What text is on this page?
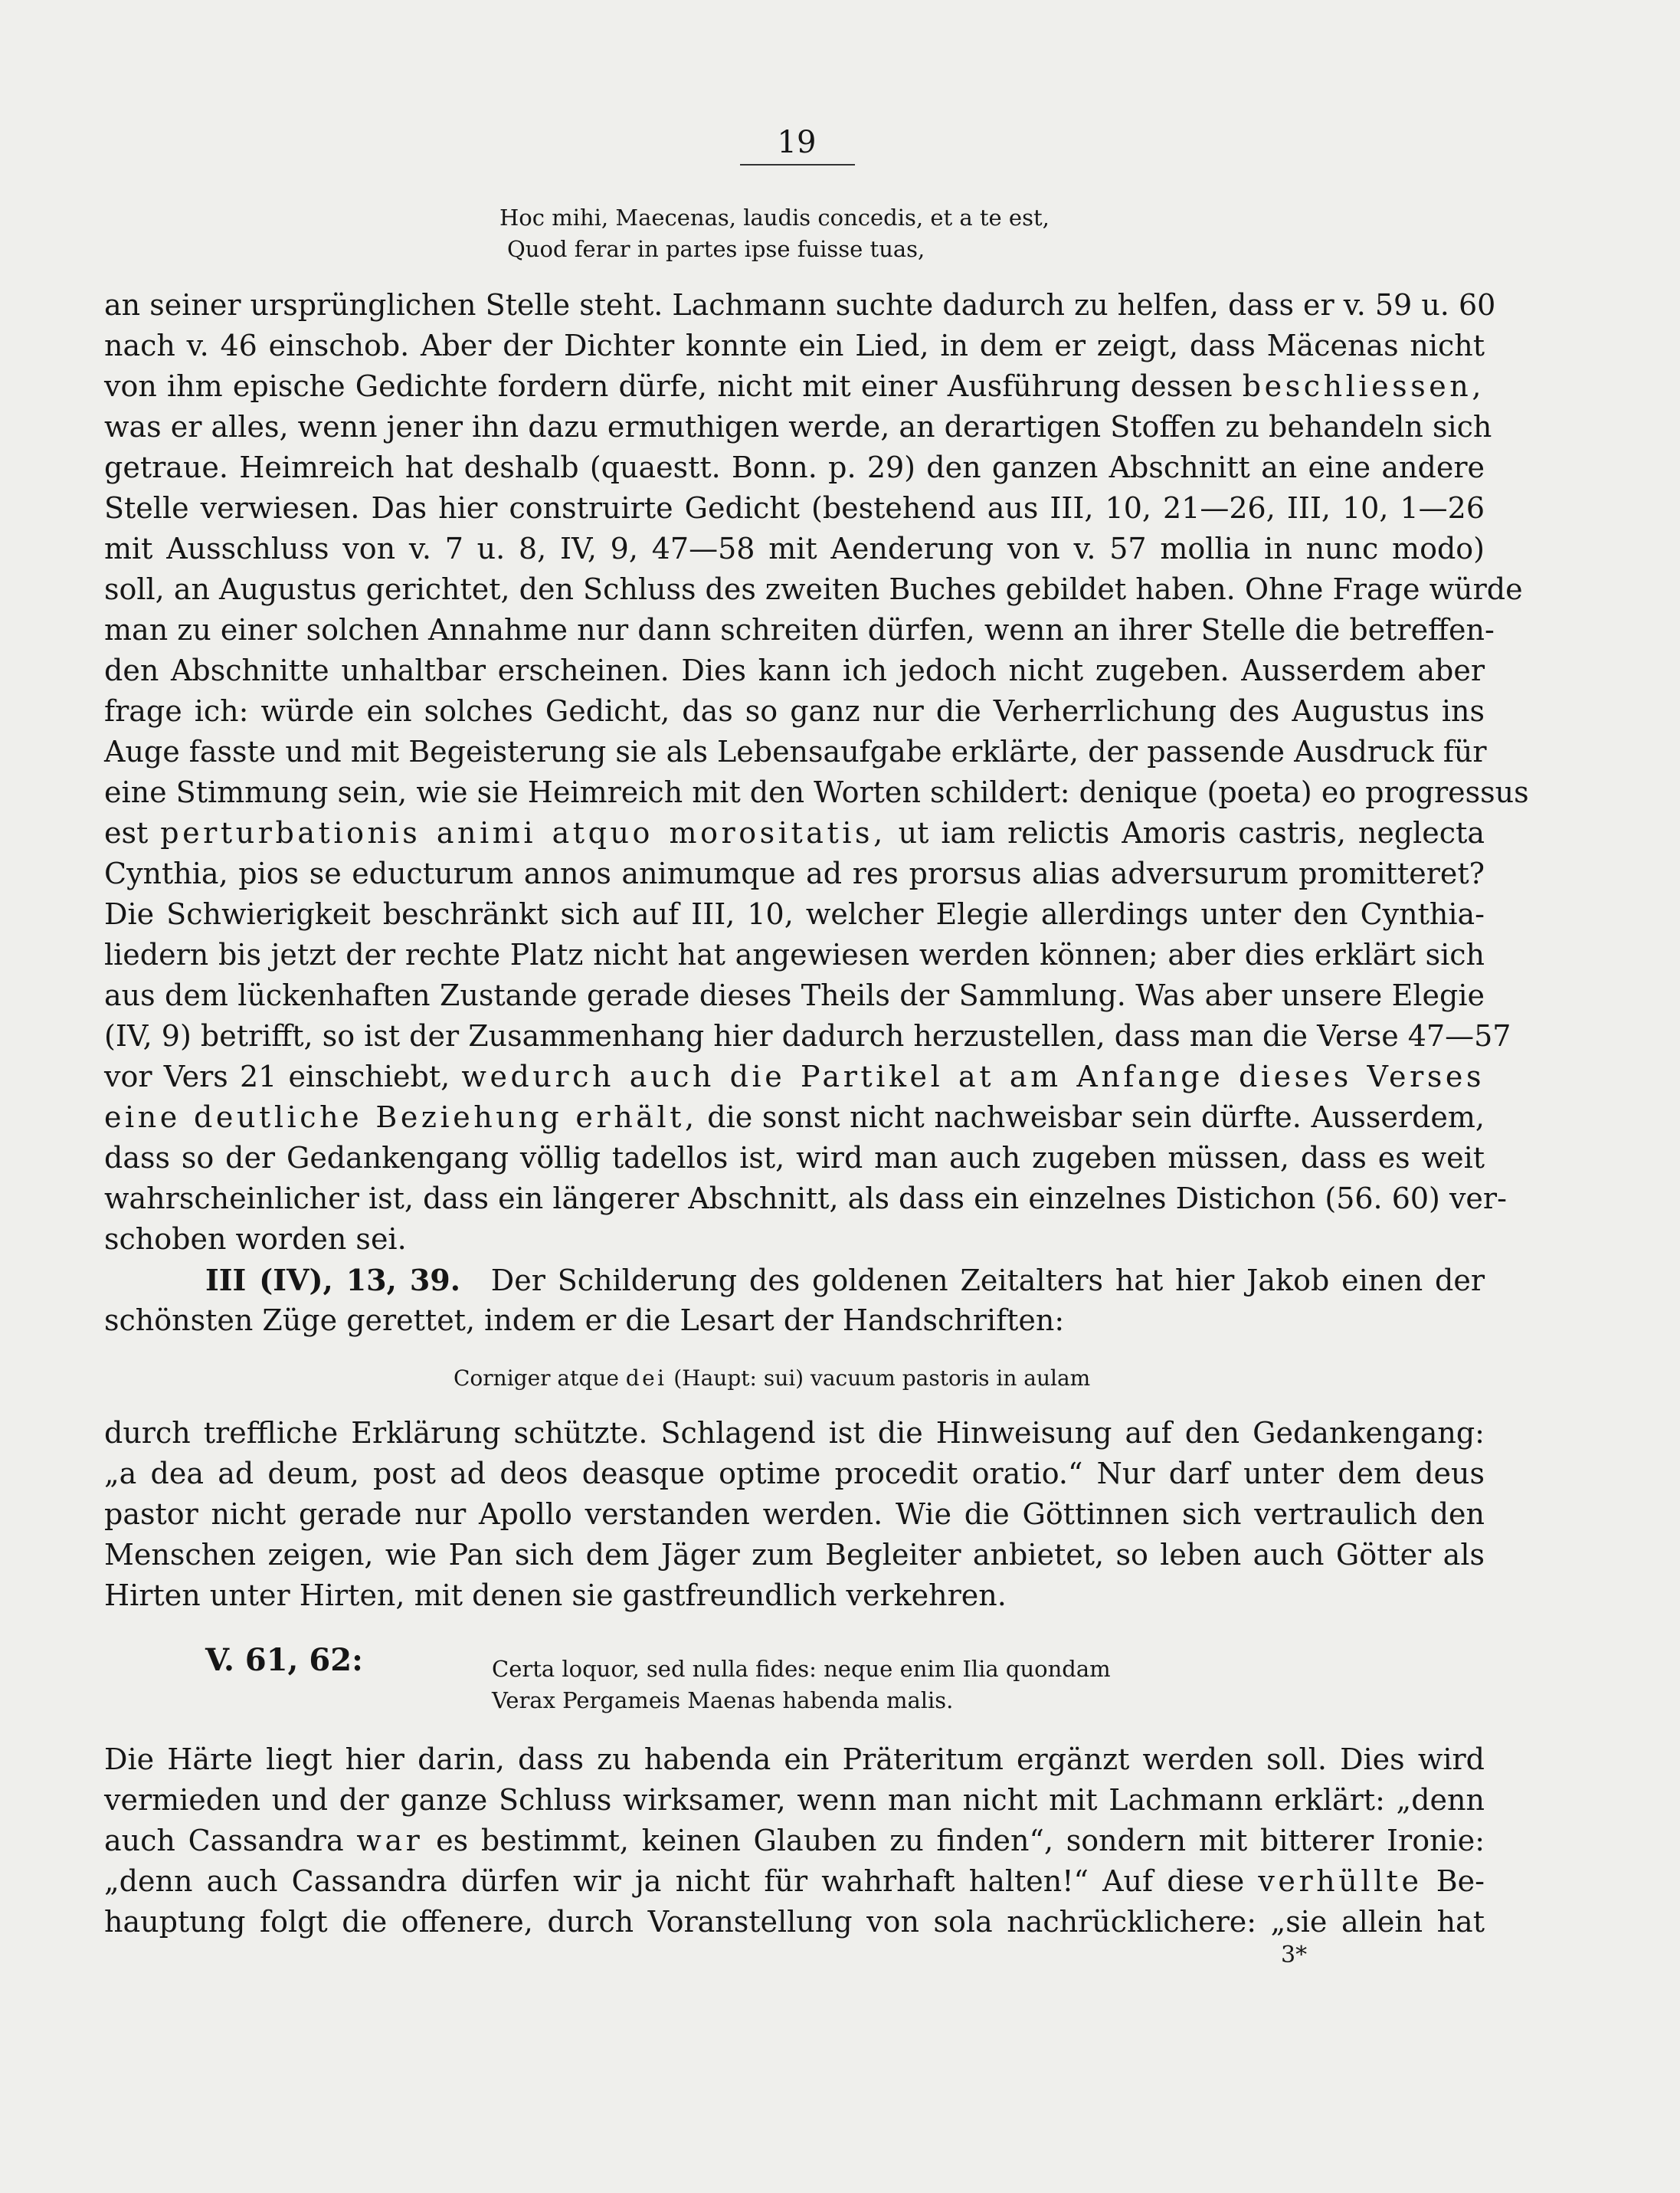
19
Hoc mihi, Maecenas, laudis concedis, et a te est,
Quod ferar in partes ipse fuisse tuas,
an seiner ursprünglichen Stelle steht. Lachmann suchte dadurch zu helfen, dass er v. 59 u. 60
nach v. 46 einschob. Aber der Dichter konnte ein Lied, in dem er zeigt, dass Mäcenas nicht
von ihm epische Gedichte fordern dürfe, nicht mit einer Ausführung dessen beschliessen,
was er alles, wenn jener ihn dazu ermuthigen werde, an derartigen Stoffen zu behandeln sich
getraue. Heimreich hat deshalb (quaestt. Bonn. p. 29) den ganzen Abschnitt an eine andere
Stelle verwiesen. Das hier construirte Gedicht (bestehend aus III, 10, 21—26, III, 10, 1—26
mit Ausschluss von v. 7 u. 8, IV, 9, 47—58 mit Aenderung von v. 57 mollia in nunc modo)
soll, an Augustus gerichtet, den Schluss des zweiten Buches gebildet haben. Ohne Frage würde
man zu einer solchen Annahme nur dann schreiten dürfen, wenn an ihrer Stelle die betreffen-
den Abschnitte unhaltbar erscheinen. Dies kann ich jedoch nicht zugeben. Ausserdem aber
frage ich: würde ein solches Gedicht, das so ganz nur die Verherrlichung des Augustus ins
Auge fasste und mit Begeisterung sie als Lebensaufgabe erklärte, der passende Ausdruck für
eine Stimmung sein, wie sie Heimreich mit den Worten schildert: denique (poeta) eo progressus
est perturbationis animi atquo morositatis, ut iam relictis Amoris castris, neglecta
Cynthia, pios se educturum annos animumque ad res prorsus alias adversurum promitteret?
Die Schwierigkeit beschränkt sich auf III, 10, welcher Elegie allerdings unter den Cynthia-
liedern bis jetzt der rechte Platz nicht hat angewiesen werden können; aber dies erklärt sich
aus dem lückenhaften Zustande gerade dieses Theils der Sammlung. Was aber unsere Elegie
(IV, 9) betrifft, so ist der Zusammenhang hier dadurch herzustellen, dass man die Verse 47—57
vor Vers 21 einschiebt, wedurch auch die Partikel at am Anfange dieses Verses
eine deutliche Beziehung erhält, die sonst nicht nachweisbar sein dürfte. Ausserdem,
dass so der Gedankengang völlig tadellos ist, wird man auch zugeben müssen, dass es weit
wahrscheinlicher ist, dass ein längerer Abschnitt, als dass ein einzelnes Distichon (56. 60) ver-
schoben worden sei.
III (IV), 13, 39. Der Schilderung des goldenen Zeitalters hat hier Jakob einen der
schönsten Züge gerettet, indem er die Lesart der Handschriften:
Corniger atque dei (Haupt: sui) vacuum pastoris in aulam
durch treffliche Erklärung schützte. Schlagend ist die Hinweisung auf den Gedankengang:
„a dea ad deum, post ad deos deasque optime procedit oratio.“ Nur darf unter dem deus
pastor nicht gerade nur Apollo verstanden werden. Wie die Göttinnen sich vertraulich den
Menschen zeigen, wie Pan sich dem Jäger zum Begleiter anbietet, so leben auch Götter als
Hirten unter Hirten, mit denen sie gastfreundlich verkehren.
V. 61, 62:	Certa loquor, sed nulla fides: neque enim Ilia quondam
Verax Pergameis Maenas habenda malis.
Die Härte liegt hier darin, dass zu habenda ein Präteritum ergänzt werden soll. Dies wird
vermieden und der ganze Schluss wirksamer, wenn man nicht mit Lachmann erklärt: „denn
auch Cassandra war es bestimmt, keinen Glauben zu finden“, sondern mit bitterer Ironie:
„denn auch Cassandra dürfen wir ja nicht für wahrhaft halten!“ Auf diese verhüllte Be-
hauptung folgt die offenere, durch Voranstellung von sola nachrücklichere: „sie allein hat
3*
